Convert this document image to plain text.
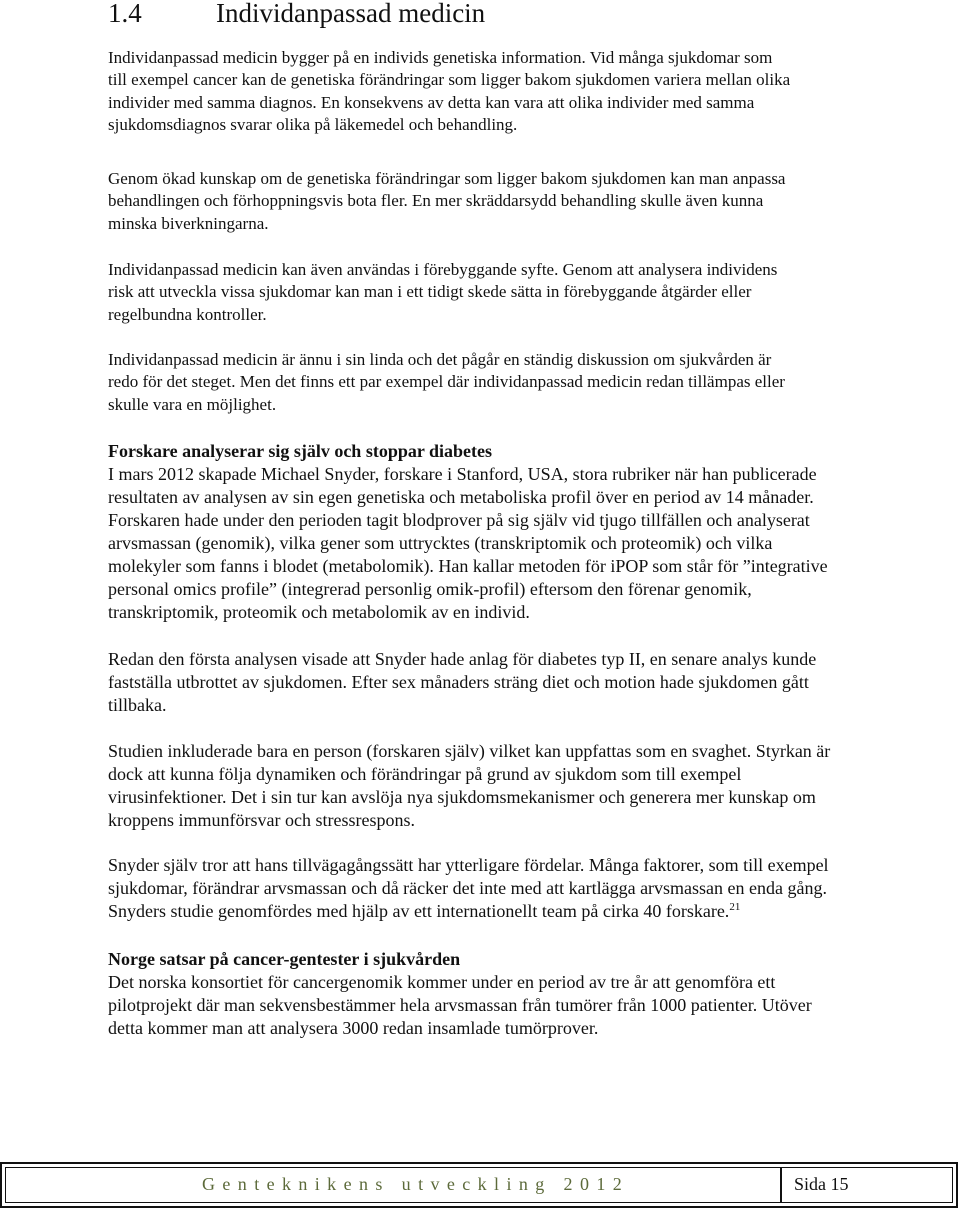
1.4	Individanpassad medicin

Individanpassad medicin bygger på en individs genetiska information. Vid många sjukdomar som
till exempel cancer kan de genetiska förändringar som ligger bakom sjukdomen variera mellan olika
individer med samma diagnos. En konsekvens av detta kan vara att olika individer med samma
sjukdomsdiagnos svarar olika på läkemedel och behandling.

Genom ökad kunskap om de genetiska förändringar som ligger bakom sjukdomen kan man anpassa
behandlingen och förhoppningsvis bota fler. En mer skräddarsydd behandling skulle även kunna
minska biverkningarna.

Individanpassad medicin kan även användas i förebyggande syfte. Genom att analysera individens
risk att utveckla vissa sjukdomar kan man i ett tidigt skede sätta in förebyggande åtgärder eller
regelbundna kontroller.

Individanpassad medicin är ännu i sin linda och det pågår en ständig diskussion om sjukvården är
redo för det steget. Men det finns ett par exempel där individanpassad medicin redan tillämpas eller
skulle vara en möjlighet.

Forskare analyserar sig själv och stoppar diabetes
I mars 2012 skapade Michael Snyder, forskare i Stanford, USA, stora rubriker när han publicerade
resultaten av analysen av sin egen genetiska och metaboliska profil över en period av 14 månader.
Forskaren hade under den perioden tagit blodprover på sig själv vid tjugo tillfällen och analyserat
arvsmassan (genomik), vilka gener som uttrycktes (transkriptomik och proteomik) och vilka
molekyler som fanns i blodet (metabolomik). Han kallar metoden för iPOP som står för ”integrative
personal omics profile” (integrerad personlig omik-profil) eftersom den förenar genomik,
transkriptomik, proteomik och metabolomik av en individ.

Redan den första analysen visade att Snyder hade anlag för diabetes typ II, en senare analys kunde
fastställa utbrottet av sjukdomen. Efter sex månaders sträng diet och motion hade sjukdomen gått
tillbaka.

Studien inkluderade bara en person (forskaren själv) vilket kan uppfattas som en svaghet. Styrkan är
dock att kunna följa dynamiken och förändringar på grund av sjukdom som till exempel
virusinfektioner. Det i sin tur kan avslöja nya sjukdomsmekanismer och generera mer kunskap om
kroppens immunförsvar och stressrespons.

Snyder själv tror att hans tillvägagångssätt har ytterligare fördelar. Många faktorer, som till exempel
sjukdomar, förändrar arvsmassan och då räcker det inte med att kartlägga arvsmassan en enda gång.
Snyders studie genomfördes med hjälp av ett internationellt team på cirka 40 forskare.$^{21}$

Norge satsar på cancer-gentester i sjukvården
Det norska konsortiet för cancergenomik kommer under en period av tre år att genomföra ett
pilotprojekt där man sekvensbestämmer hela arvsmassan från tumörer från 1000 patienter. Utöver
detta kommer man att analysera 3000 redan insamlade tumörprover.

Genteknikens utveckling 2012	Sida 15
